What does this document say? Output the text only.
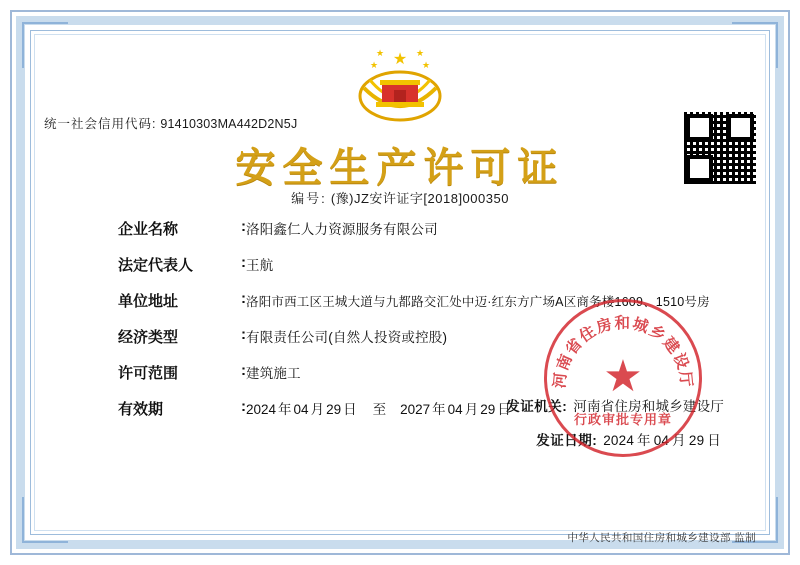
★
★
★
★
★
统一社会信用代码: 91410303MA442D2N5J
安全生产许可证
编号: (豫)JZ安许证字[2018]000350
企业名称	: 洛阳鑫仁人力资源服务有限公司
法定代表人	: 王航
单位地址	: 洛阳市西工区王城大道与九都路交汇处中迈·红东方广场A区商务楼1609、1510号房
经济类型	: 有限责任公司(自然人投资或控股)
许可范围	: 建筑施工
有效期	: 2024 年 04 月 29 日 至 2027 年 04 月 29 日
发证机关: 河南省住房和城乡建设厅
发证日期: 2024 年 04 月 29 日
河南省住房和城乡建设厅
★
行政审批专用章
中华人民共和国住房和城乡建设部 监制
